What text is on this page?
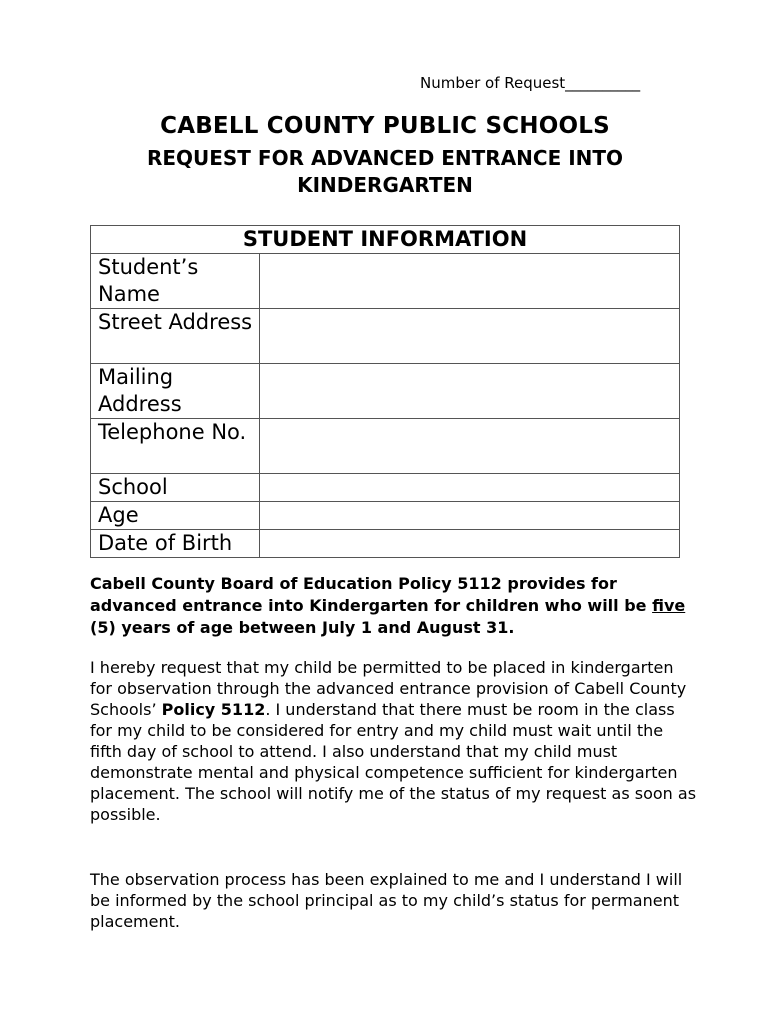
Number of Request__________
CABELL COUNTY PUBLIC SCHOOLS
REQUEST FOR ADVANCED ENTRANCE INTO KINDERGARTEN
STUDENT INFORMATION	
Student’s Name	
Street Address	
Mailing Address	
Telephone No.	
School	
Age	
Date of Birth	
Cabell County Board of Education Policy 5112 provides for advanced entrance into Kindergarten for children who will be five (5) years of age between July 1 and August 31.
I hereby request that my child be permitted to be placed in kindergarten for observation through the advanced entrance provision of Cabell County Schools’ Policy 5112. I understand that there must be room in the class for my child to be considered for entry and my child must wait until the fifth day of school to attend. I also understand that my child must demonstrate mental and physical competence sufficient for kindergarten placement. The school will notify me of the status of my request as soon as possible.
The observation process has been explained to me and I understand I will be informed by the school principal as to my child’s status for permanent placement.
